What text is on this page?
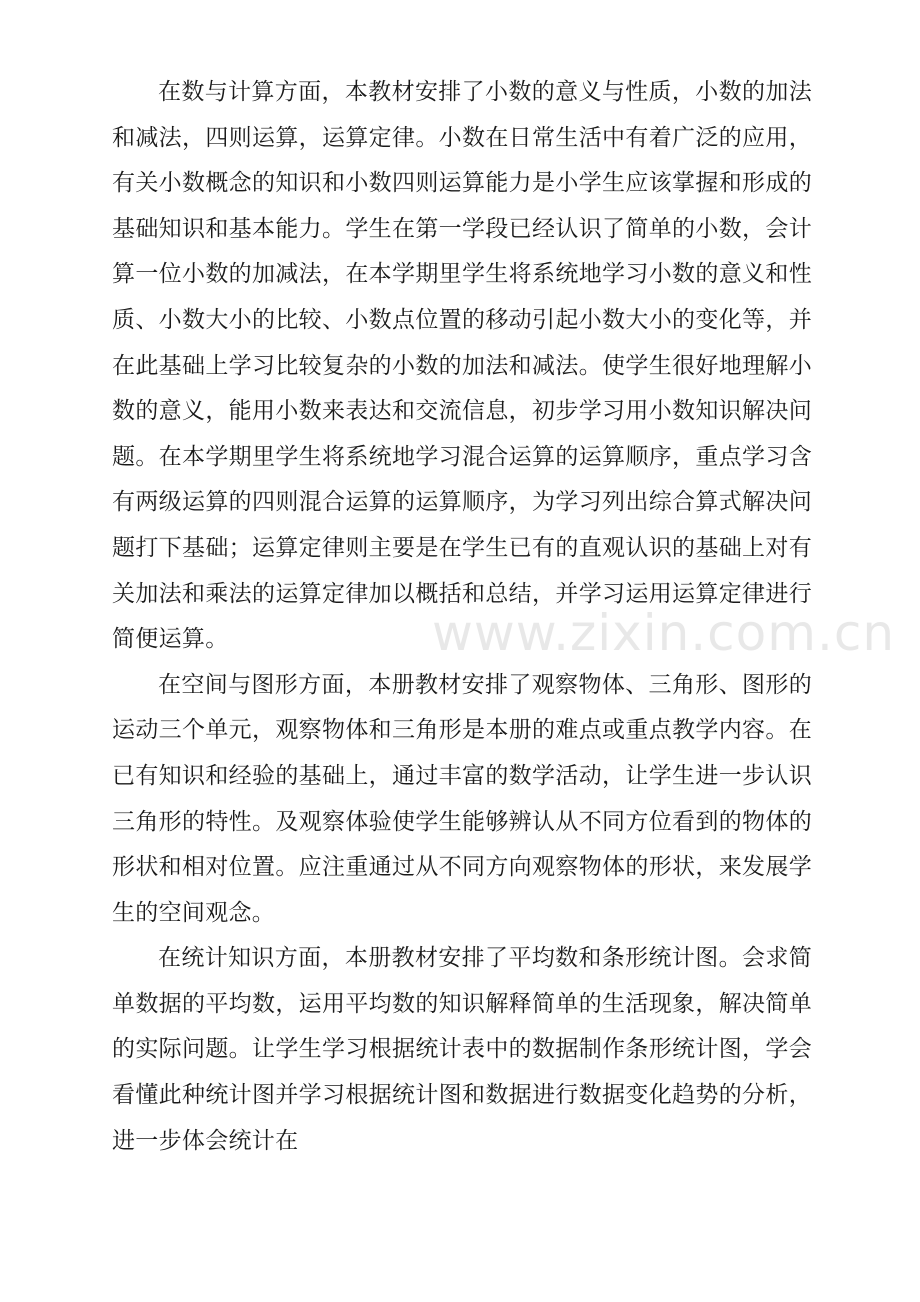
在数与计算方面，本教材安排了小数的意义与性质，小数的加法和减法，四则运算，运算定律。小数在日常生活中有着广泛的应用，有关小数概念的知识和小数四则运算能力是小学生应该掌握和形成的基础知识和基本能力。学生在第一学段已经认识了简单的小数，会计算一位小数的加减法，在本学期里学生将系统地学习小数的意义和性质、小数大小的比较、小数点位置的移动引起小数大小的变化等，并在此基础上学习比较复杂的小数的加法和减法。使学生很好地理解小数的意义，能用小数来表达和交流信息，初步学习用小数知识解决问题。在本学期里学生将系统地学习混合运算的运算顺序，重点学习含有两级运算的四则混合运算的运算顺序，为学习列出综合算式解决问题打下基础；运算定律则主要是在学生已有的直观认识的基础上对有关加法和乘法的运算定律加以概括和总结，并学习运用运算定律进行简便运算。

在空间与图形方面，本册教材安排了观察物体、三角形、图形的运动三个单元，观察物体和三角形是本册的难点或重点教学内容。在已有知识和经验的基础上，通过丰富的数学活动，让学生进一步认识三角形的特性。及观察体验使学生能够辨认从不同方位看到的物体的形状和相对位置。应注重通过从不同方向观察物体的形状，来发展学生的空间观念。

在统计知识方面，本册教材安排了平均数和条形统计图。会求简单数据的平均数，运用平均数的知识解释简单的生活现象，解决简单的实际问题。让学生学习根据统计表中的数据制作条形统计图，学会看懂此种统计图并学习根据统计图和数据进行数据变化趋势的分析，进一步体会统计在

www.zixin.com.cn
